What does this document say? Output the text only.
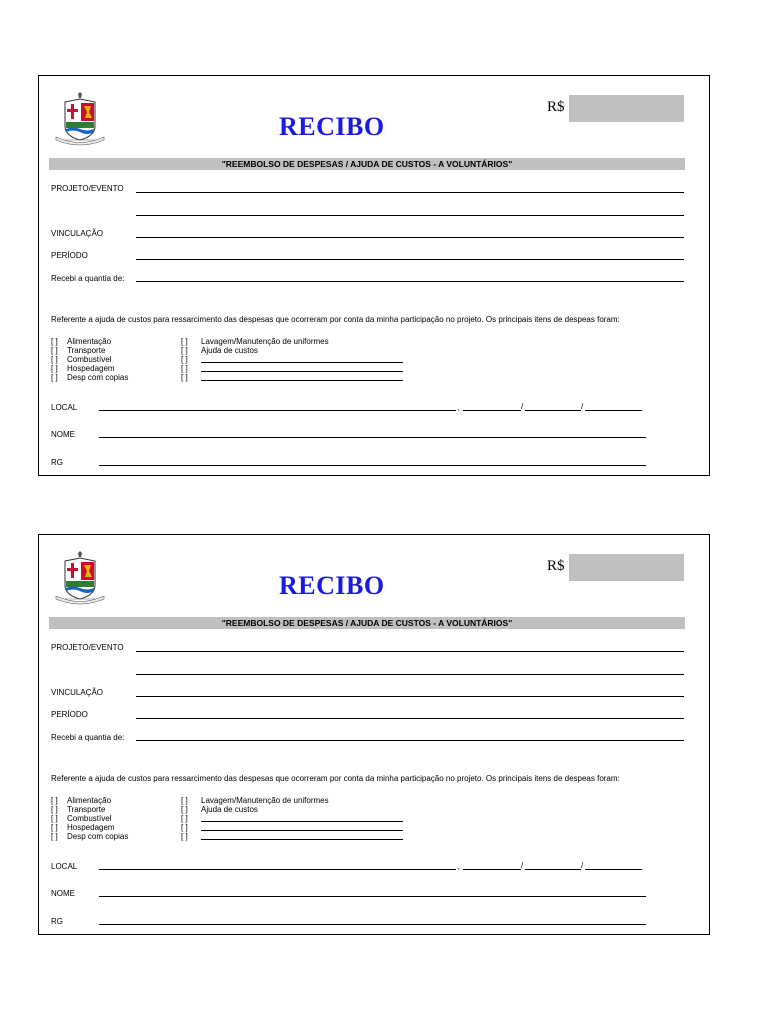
RECIBO
R$
"REEMBOLSO DE DESPESAS / AJUDA DE CUSTOS - A VOLUNTÁRIOS"
PROJETO/EVENTO
VINCULAÇÃO
PERÍODO
Recebi a quantia de:
Referente a ajuda de custos para ressarcimento das despesas que ocorreram por conta da minha participação no projeto. Os principais itens de despeas foram:
[ ] Alimentação
[ ] Transporte
[ ] Combustível
[ ] Hospedagem
[ ] Desp com copias
[ ] Lavagem/Manutenção de uniformes
[ ] Ajuda de custos
[ ]
[ ]
[ ]
LOCAL	,	/	/
NOME
RG
RECIBO
R$
"REEMBOLSO DE DESPESAS / AJUDA DE CUSTOS - A VOLUNTÁRIOS"
PROJETO/EVENTO
VINCULAÇÃO
PERÍODO
Recebi a quantia de:
Referente a ajuda de custos para ressarcimento das despesas que ocorreram por conta da minha participação no projeto. Os principais itens de despeas foram:
[ ] Alimentação
[ ] Transporte
[ ] Combustível
[ ] Hospedagem
[ ] Desp com copias
[ ] Lavagem/Manutenção de uniformes
[ ] Ajuda de custos
[ ]
[ ]
[ ]
LOCAL	,	/	/
NOME
RG
